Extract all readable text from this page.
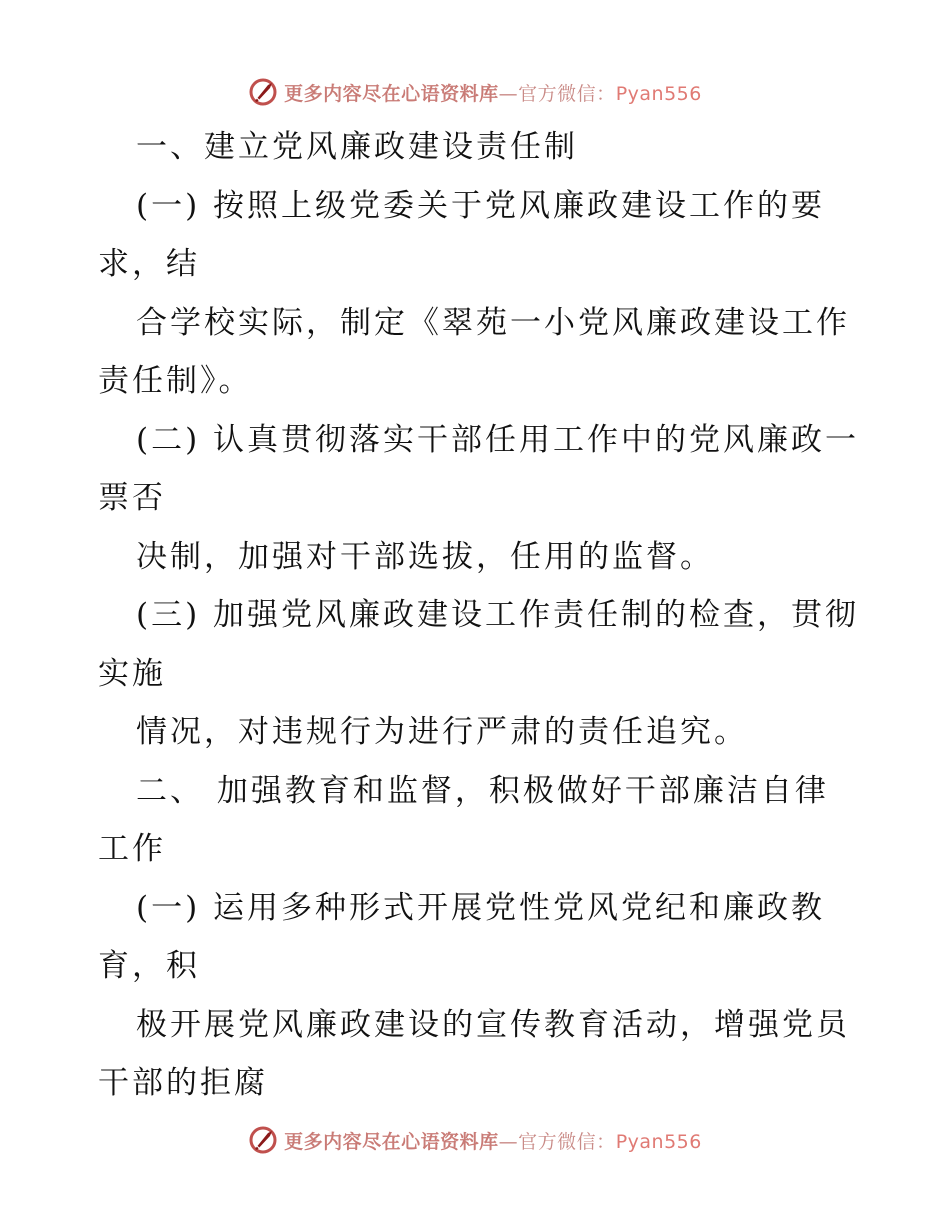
更多内容尽在心语资料库—官方微信：Pyan556
一、建立党风廉政建设责任制
(一) 按照上级党委关于党风廉政建设工作的要
求，结
合学校实际，制定《翠苑一小党风廉政建设工作
责任制》。
(二) 认真贯彻落实干部任用工作中的党风廉政一
票否
决制，加强对干部选拔，任用的监督。
(三) 加强党风廉政建设工作责任制的检查，贯彻
实施
情况，对违规行为进行严肃的责任追究。
二、 加强教育和监督，积极做好干部廉洁自律
工作
(一) 运用多种形式开展党性党风党纪和廉政教
育，积
极开展党风廉政建设的宣传教育活动，增强党员
干部的拒腐
更多内容尽在心语资料库—官方微信：Pyan556
